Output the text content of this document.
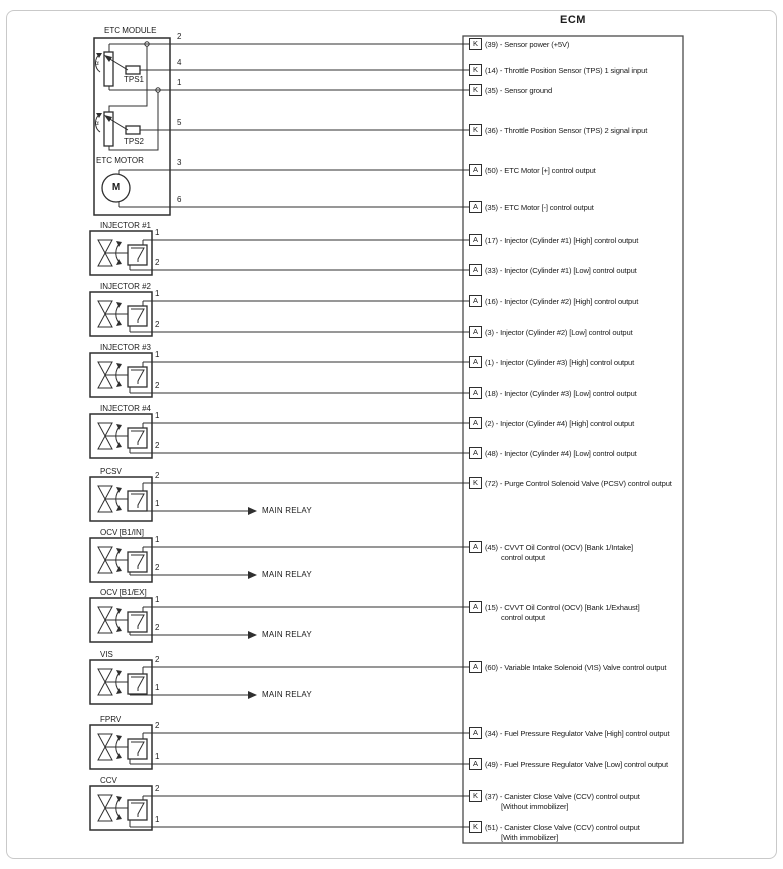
ECM
ETC MODULE
TPS1
TPS2
α
α
ETC MOTOR
M
2
4
1
5
3
6
INJECTOR #1
INJECTOR #2
INJECTOR #3
INJECTOR #4
PCSV
OCV [B1/IN]
OCV [B1/EX]
VIS
FPRV
CCV
1
2
1
2
1
2
1
2
2
1
1
2
1
2
2
1
2
1
2
1
MAIN RELAY
MAIN RELAY
MAIN RELAY
MAIN RELAY
K (39) - Sensor power (+5V)
K (14) - Throttle Position Sensor (TPS) 1 signal input
K (35) - Sensor ground
K (36) - Throttle Position Sensor (TPS) 2 signal input
A (50) - ETC Motor [+] control output
A (35) - ETC Motor [-] control output
A (17) - Injector (Cylinder #1) [High] control output
A (33) - Injector (Cylinder #1) [Low] control output
A (16) - Injector (Cylinder #2) [High] control output
A (3) - Injector (Cylinder #2) [Low] control output
A (1) - Injector (Cylinder #3) [High] control output
A (18) - Injector (Cylinder #3) [Low] control output
A (2) - Injector (Cylinder #4) [High] control output
A (48) - Injector (Cylinder #4) [Low] control output
K (72) - Purge Control Solenoid Valve (PCSV) control output
A (45) - CVVT Oil Control (OCV) [Bank 1/Intake]
control output
A (15) - CVVT Oil Control (OCV) [Bank 1/Exhaust]
control output
A (60) - Variable Intake Solenoid (VIS) Valve control output
A (34) - Fuel Pressure Regulator Valve [High] control output
A (49) - Fuel Pressure Regulator Valve [Low] control output
K (37) - Canister Close Valve (CCV) control output
[Without immobilizer]
K (51) - Canister Close Valve (CCV) control output
[With immobilizer]
